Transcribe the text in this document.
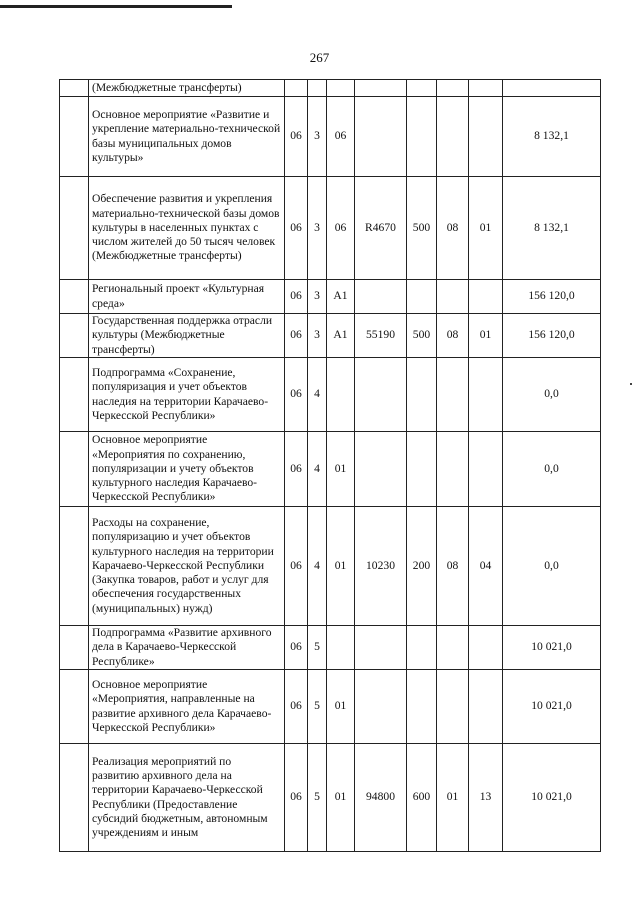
267
	(Межбюджетные трансферты)								
	Основное мероприятие «Развитие и укрепление материально-технической базы муниципальных домов культуры»	06	3	06					8 132,1
	Обеспечение развития и укрепления материально-технической базы домов культуры в населенных пунктах с числом жителей до 50 тысяч человек (Межбюджетные трансферты)	06	3	06	R4670	500	08	01	8 132,1
	Региональный проект «Культурная среда»	06	3	A1					156 120,0
	Государственная поддержка отрасли культуры (Межбюджетные трансферты)	06	3	A1	55190	500	08	01	156 120,0
	Подпрограмма «Сохранение, популяризация и учет объектов наследия на территории Карачаево-Черкесской Республики»	06	4						0,0
	Основное мероприятие «Мероприятия по сохранению, популяризации и учету объектов культурного наследия Карачаево-Черкесской Республики»	06	4	01					0,0
	Расходы на сохранение, популяризацию и учет объектов культурного наследия на территории Карачаево-Черкесской Республики (Закупка товаров, работ и услуг для обеспечения государственных (муниципальных) нужд)	06	4	01	10230	200	08	04	0,0
	Подпрограмма «Развитие архивного дела в Карачаево-Черкесской Республике»	06	5						10 021,0
	Основное мероприятие «Мероприятия, направленные на развитие архивного дела Карачаево-Черкесской Республики»	06	5	01					10 021,0
	Реализация мероприятий по развитию архивного дела на территории Карачаево-Черкесской Республики (Предоставление субсидий бюджетным, автономным учреждениям и иным	06	5	01	94800	600	01	13	10 021,0
